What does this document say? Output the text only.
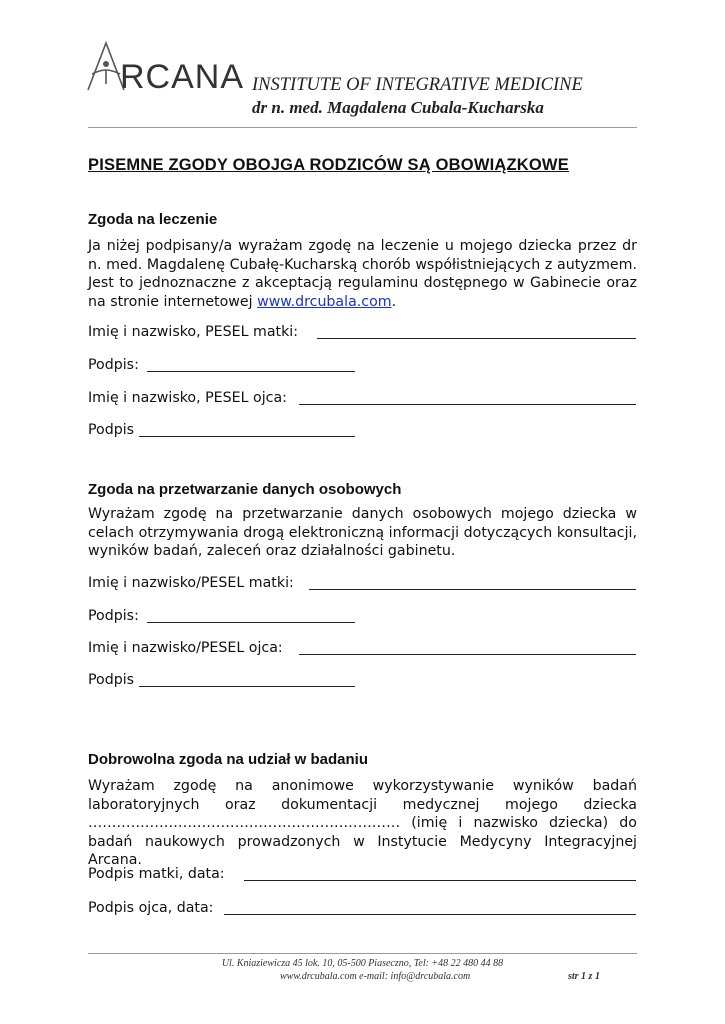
RCANA INSTITUTE OF INTEGRATIVE MEDICINE
dr n. med. Magdalena Cubala-Kucharska
PISEMNE ZGODY OBOJGA RODZICÓW SĄ OBOWIĄZKOWE
Zgoda na leczenie
Ja niżej podpisany/a wyrażam zgodę na leczenie u mojego dziecka przez dr n. med. Magdalenę Cubałę-Kucharską chorób współistniejących z autyzmem. Jest to jednoznaczne z akceptacją regulaminu dostępnego w Gabinecie oraz na stronie internetowej www.drcubala.com.
Imię i nazwisko, PESEL matki:
Podpis:
Imię i nazwisko, PESEL ojca:
Podpis
Zgoda na przetwarzanie danych osobowych
Wyrażam zgodę na przetwarzanie danych osobowych mojego dziecka w celach otrzymywania drogą elektroniczną informacji dotyczących konsultacji, wyników badań, zaleceń oraz działalności gabinetu.
Imię i nazwisko/PESEL matki:
Podpis:
Imię i nazwisko/PESEL ojca:
Podpis
Dobrowolna zgoda na udział w badaniu
Wyrażam zgodę na anonimowe wykorzystywanie wyników badań laboratoryjnych oraz dokumentacji medycznej mojego dziecka ………………………………………………………… (imię i nazwisko dziecka) do badań naukowych prowadzonych w Instytucie Medycyny Integracyjnej Arcana.
Podpis matki, data:
Podpis ojca, data:
Ul. Kniaziewicza 45 lok. 10, 05-500 Piaseczno, Tel: +48 22 480 44 88
www.drcubala.com e-mail: info@drcubala.com	str 1 z 1
